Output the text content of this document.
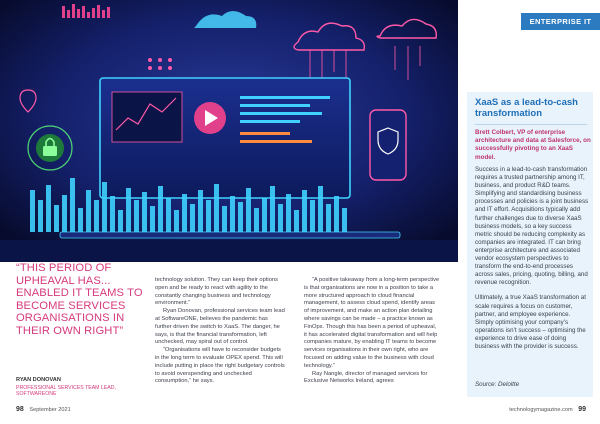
ENTERPRISE IT
“THIS PERIOD OF UPHEAVAL HAS... ENABLED IT TEAMS TO BECOME SERVICES ORGANISATIONS IN THEIR OWN RIGHT”
RYAN DONOVAN
PROFESSIONAL SERVICES TEAM LEAD, SOFTWAREONE

technology solution. They can keep their options open and be ready to react with agility to the constantly changing business and technology environment.”

Ryan Donovan, professional services team lead at SoftwareONE, believes the pandemic has further driven the switch to XaaS. The danger, he says, is that the financial transformation, left unchecked, may spiral out of control.

“Organisations will have to reconsider budgets in the long term to evaluate OPEX spend. This will include putting in place the right budgetary controls to avoid overspending and unchecked consumption,” he says.

“A positive takeaway from a long-term perspective is that organisations are now in a position to take a more structured approach to cloud financial management, to assess cloud spend, identify areas of improvement, and make an action plan detailing where savings can be made – a practice known as FinOps. Though this has been a period of upheaval, it has accelerated digital transformation and will help companies mature, by enabling IT teams to become services organisations in their own right, who are focused on adding value to the business with cloud technology.”

Ray Nangle, director of managed services for Exclusive Networks Ireland, agrees

XaaS as a lead-to-cash transformation
Brett Colbert, VP of enterprise architecture and data at Salesforce, on successfully pivoting to an XaaS model.

Success in a lead-to-cash transformation requires a trusted partnership among IT, business, and product R&D teams. Simplifying and standardising business processes and policies is a joint business and IT effort. Acquisitions typically add further challenges due to diverse XaaS business models, so a key success metric should be reducing complexity as companies are integrated. IT can bring enterprise architecture and associated vendor ecosystem perspectives to transform the end-to-end processes across sales, pricing, quoting, billing, and revenue recognition.

Ultimately, a true XaaS transformation at scale requires a focus on customer, partner, and employee experience. Simply optimising your company’s operations isn’t success – optimising the experience to drive ease of doing business with the provider is success.

Source: Deloitte
98 September 2021	technologymagazine.com 99
